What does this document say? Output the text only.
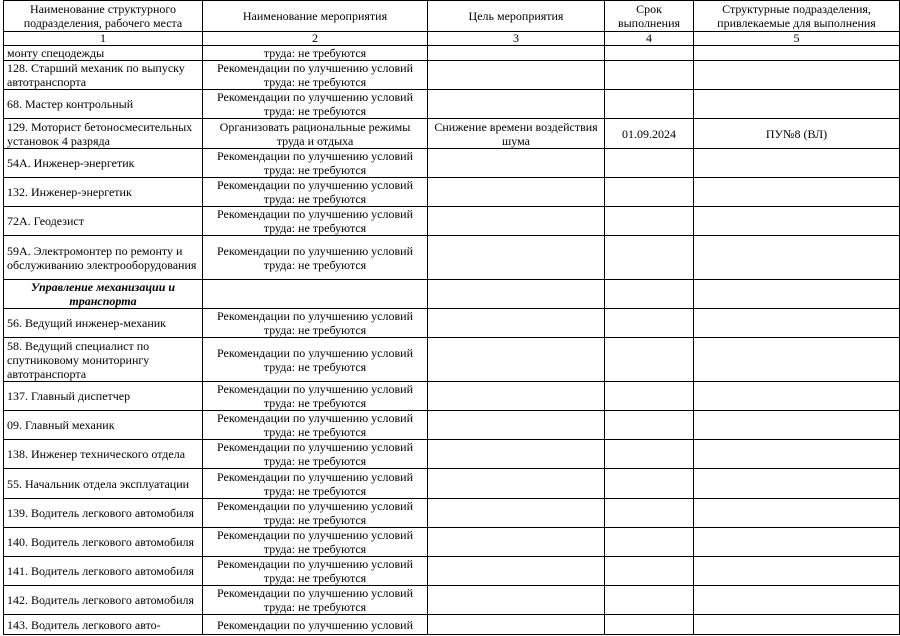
Наименование структурного подразделения, рабочего места	Наименование мероприятия	Цель мероприятия	Срок выполнения	Структурные подразделения, привлекаемые для выполнения
1	2	3	4	5
монту спецодежды	труда: не требуются			
128. Старший механик по выпуску автотранспорта	Рекомендации по улучшению условий труда: не требуются			
68. Мастер контрольный	Рекомендации по улучшению условий труда: не требуются			
129. Моторист бетоносмесительных установок 4 разряда	Организовать рациональные режимы труда и отдыха	Снижение времени воздействия шума	01.09.2024	ПУ№8 (ВЛ)
54А. Инженер-энергетик	Рекомендации по улучшению условий труда: не требуются			
132. Инженер-энергетик	Рекомендации по улучшению условий труда: не требуются			
72А. Геодезист	Рекомендации по улучшению условий труда: не требуются			
59А. Электромонтер по ремонту и обслуживанию электрооборудования	Рекомендации по улучшению условий труда: не требуются			
Управление механизации и транспорта				
56. Ведущий инженер-механик	Рекомендации по улучшению условий труда: не требуются			
58. Ведущий специалист по спутниковому мониторингу автотранспорта	Рекомендации по улучшению условий труда: не требуются			
137. Главный диспетчер	Рекомендации по улучшению условий труда: не требуются			
09. Главный механик	Рекомендации по улучшению условий труда: не требуются			
138. Инженер технического отдела	Рекомендации по улучшению условий труда: не требуются			
55. Начальник отдела эксплуатации	Рекомендации по улучшению условий труда: не требуются			
139. Водитель легкового автомобиля	Рекомендации по улучшению условий труда: не требуются			
140. Водитель легкового автомобиля	Рекомендации по улучшению условий труда: не требуются			
141. Водитель легкового автомобиля	Рекомендации по улучшению условий труда: не требуются			
142. Водитель легкового автомобиля	Рекомендации по улучшению условий труда: не требуются			
143. Водитель легкового авто-	Рекомендации по улучшению условий			
